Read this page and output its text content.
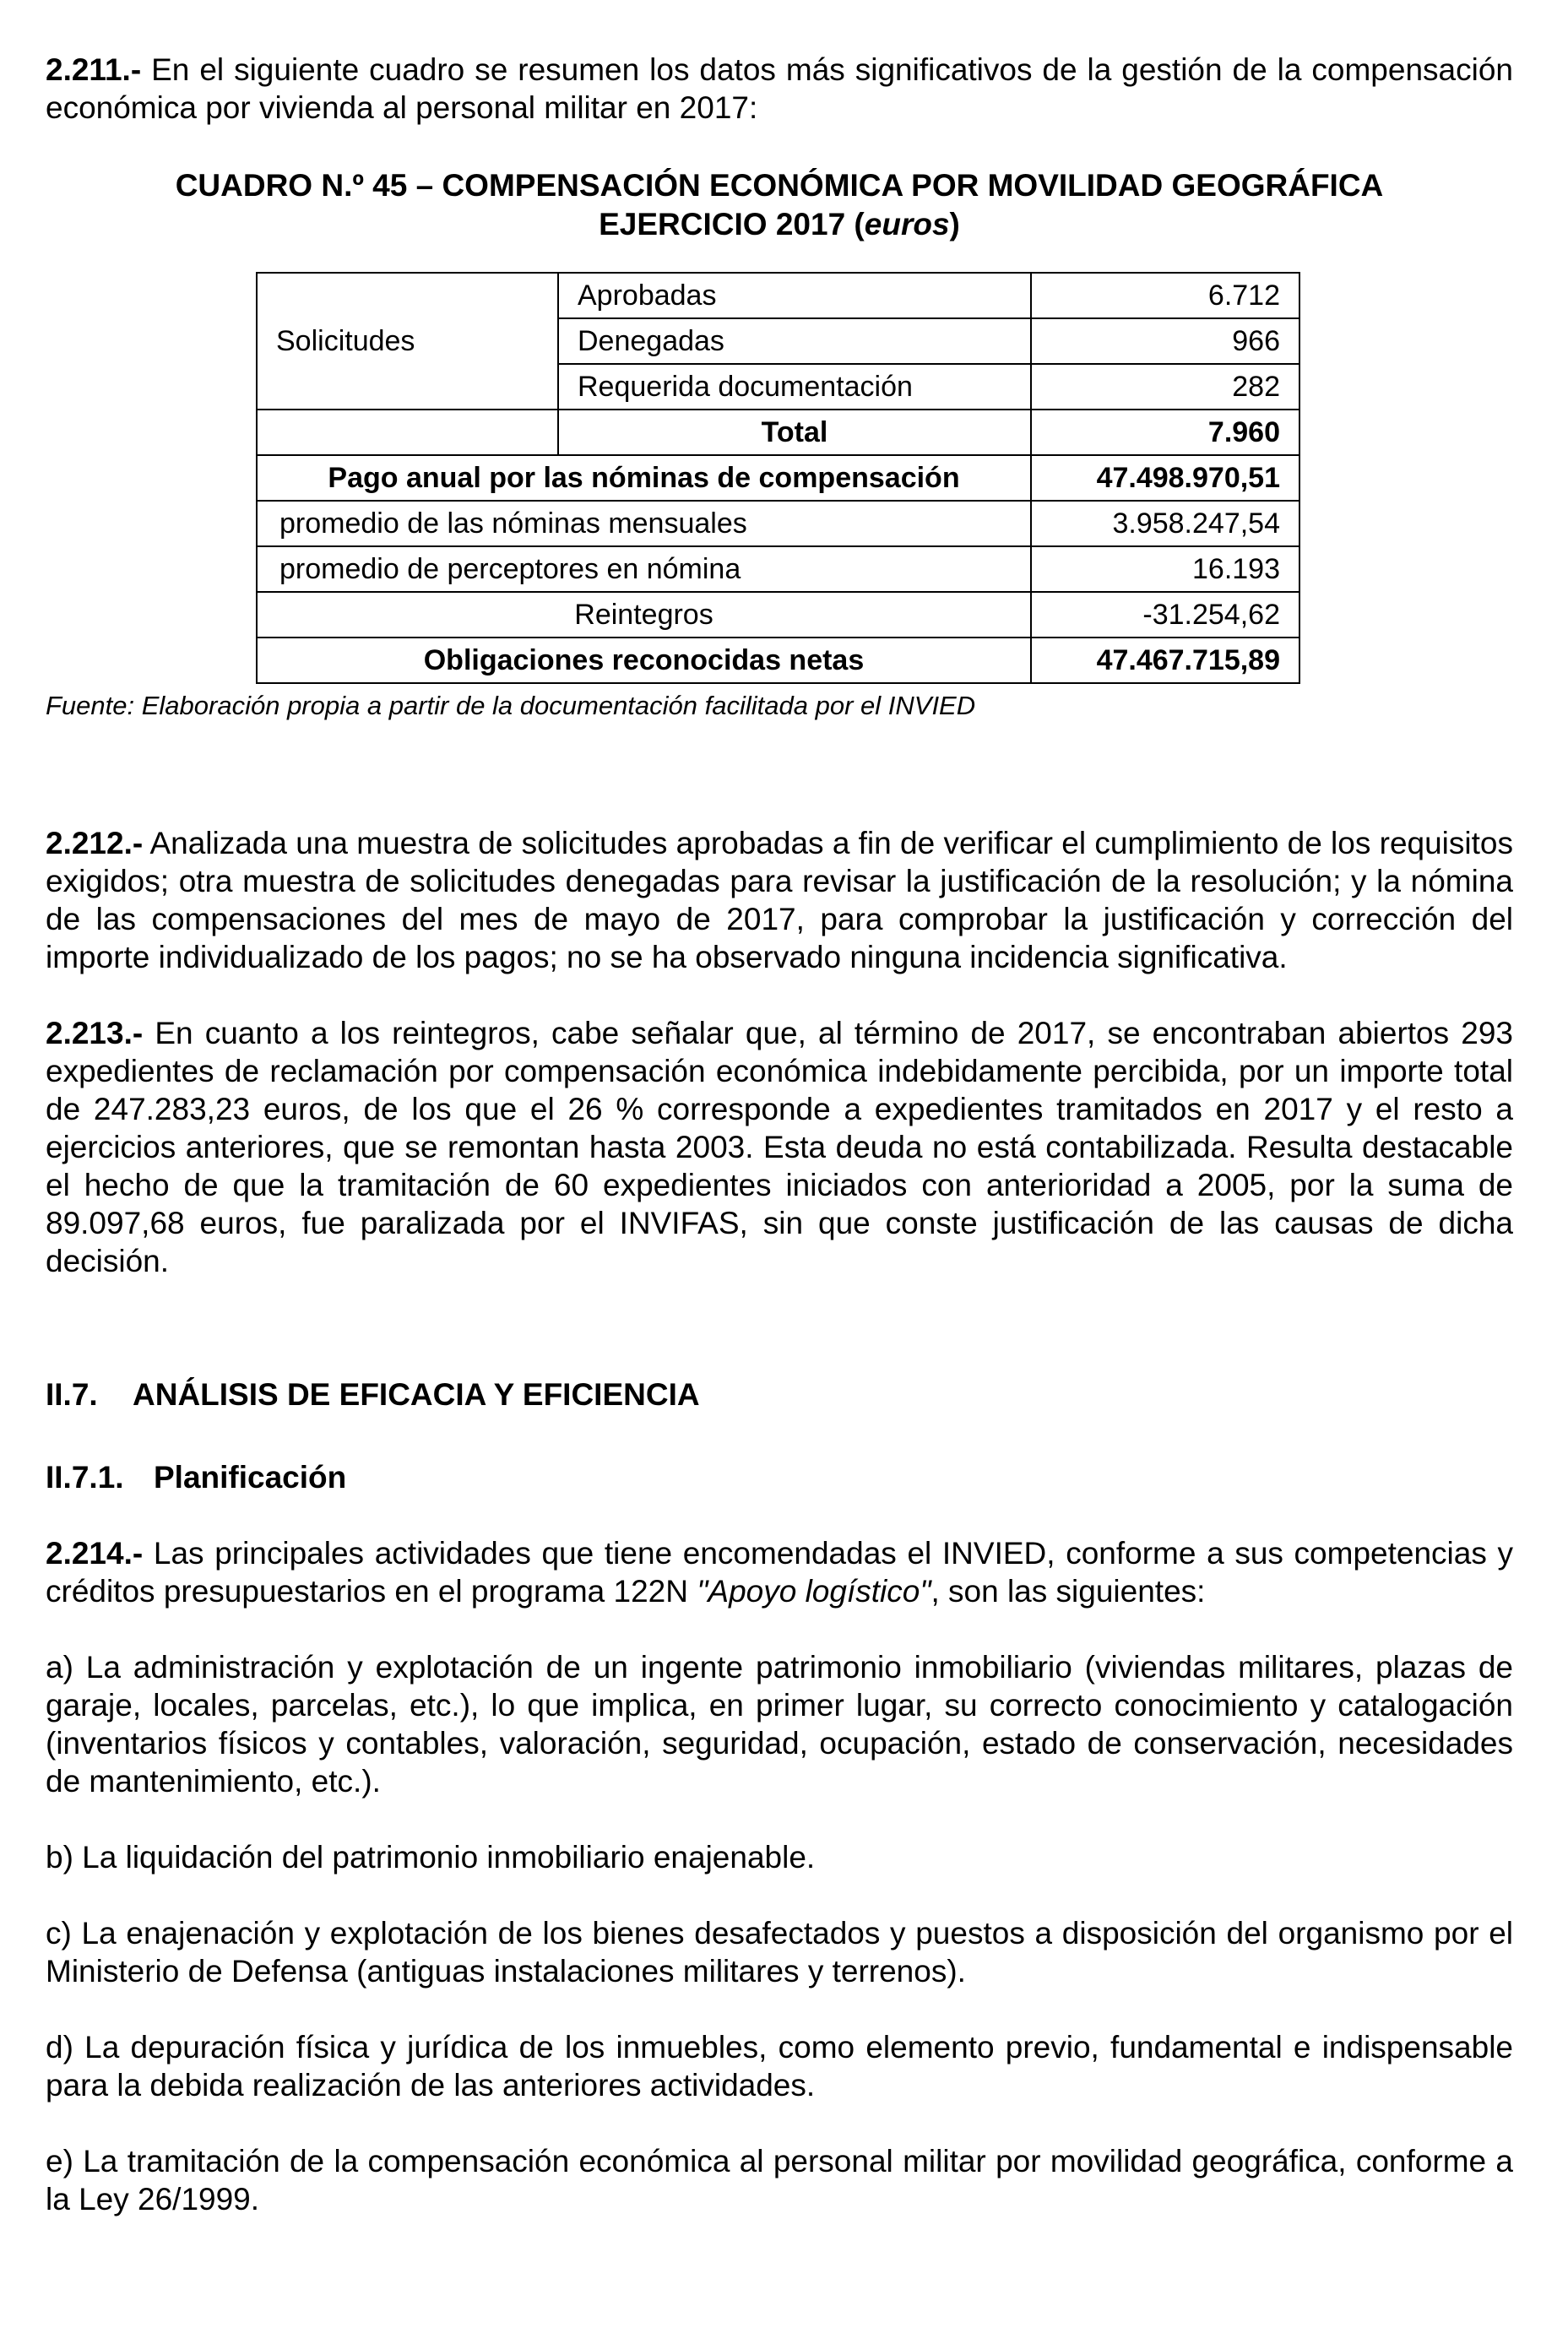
2.211.- En el siguiente cuadro se resumen los datos más significativos de la gestión de la compensación económica por vivienda al personal militar en 2017:

CUADRO N.º 45 – COMPENSACIÓN ECONÓMICA POR MOVILIDAD GEOGRÁFICA
EJERCICIO 2017 (euros)

Solicitudes	Aprobadas	6.712
	Denegadas	966
	Requerida documentación	282
	Total	7.960
Pago anual por las nóminas de compensación		47.498.970,51
promedio de las nóminas mensuales		3.958.247,54
promedio de perceptores en nómina		16.193
Reintegros		-31.254,62
Obligaciones reconocidas netas		47.467.715,89

Fuente: Elaboración propia a partir de la documentación facilitada por el INVIED

2.212.- Analizada una muestra de solicitudes aprobadas a fin de verificar el cumplimiento de los requisitos exigidos; otra muestra de solicitudes denegadas para revisar la justificación de la resolución; y la nómina de las compensaciones del mes de mayo de 2017, para comprobar la justificación y corrección del importe individualizado de los pagos; no se ha observado ninguna incidencia significativa.

2.213.- En cuanto a los reintegros, cabe señalar que, al término de 2017, se encontraban abiertos 293 expedientes de reclamación por compensación económica indebidamente percibida, por un importe total de 247.283,23 euros, de los que el 26 % corresponde a expedientes tramitados en 2017 y el resto a ejercicios anteriores, que se remontan hasta 2003. Esta deuda no está contabilizada. Resulta destacable el hecho de que la tramitación de 60 expedientes iniciados con anterioridad a 2005, por la suma de 89.097,68 euros, fue paralizada por el INVIFAS, sin que conste justificación de las causas de dicha decisión.

II.7. ANÁLISIS DE EFICACIA Y EFICIENCIA

II.7.1. Planificación

2.214.- Las principales actividades que tiene encomendadas el INVIED, conforme a sus competencias y créditos presupuestarios en el programa 122N "Apoyo logístico", son las siguientes:

a) La administración y explotación de un ingente patrimonio inmobiliario (viviendas militares, plazas de garaje, locales, parcelas, etc.), lo que implica, en primer lugar, su correcto conocimiento y catalogación (inventarios físicos y contables, valoración, seguridad, ocupación, estado de conservación, necesidades de mantenimiento, etc.).

b) La liquidación del patrimonio inmobiliario enajenable.

c) La enajenación y explotación de los bienes desafectados y puestos a disposición del organismo por el Ministerio de Defensa (antiguas instalaciones militares y terrenos).

d) La depuración física y jurídica de los inmuebles, como elemento previo, fundamental e indispensable para la debida realización de las anteriores actividades.

e) La tramitación de la compensación económica al personal militar por movilidad geográfica, conforme a la Ley 26/1999.
